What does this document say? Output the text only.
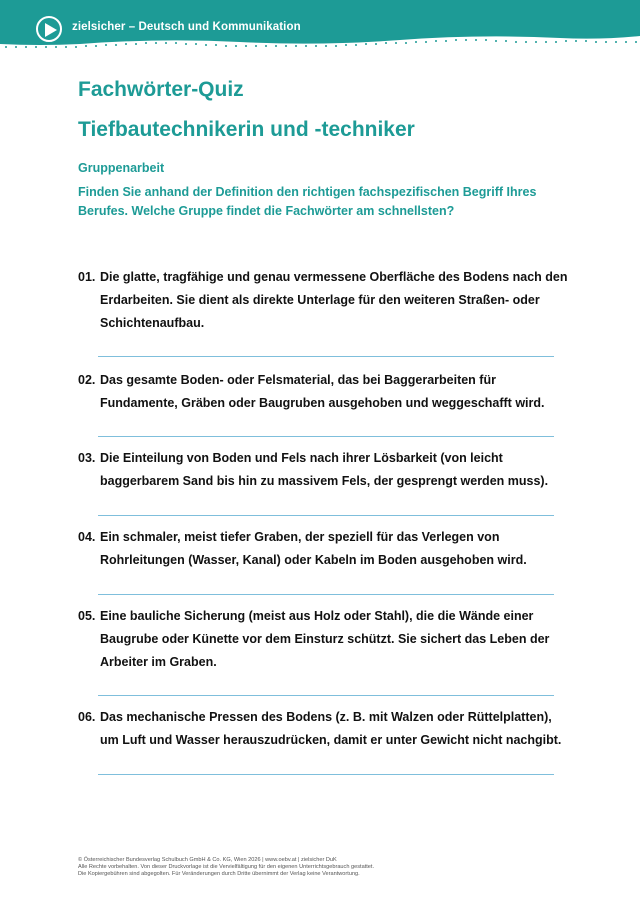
zielsicher – Deutsch und Kommunikation
Fachwörter-Quiz
Tiefbautechnikerin und -techniker
Gruppenarbeit
Finden Sie anhand der Definition den richtigen fachspezifischen Begriff Ihres Berufes. Welche Gruppe findet die Fachwörter am schnellsten?
01. Die glatte, tragfähige und genau vermessene Oberfläche des Bodens nach den Erdarbeiten. Sie dient als direkte Unterlage für den weiteren Straßen- oder Schichtenaufbau.
02. Das gesamte Boden- oder Felsmaterial, das bei Baggerarbeiten für Fundamente, Gräben oder Baugruben ausgehoben und weggeschafft wird.
03. Die Einteilung von Boden und Fels nach ihrer Lösbarkeit (von leicht baggerbarem Sand bis hin zu massivem Fels, der gesprengt werden muss).
04. Ein schmaler, meist tiefer Graben, der speziell für das Verlegen von Rohrleitungen (Wasser, Kanal) oder Kabeln im Boden ausgehoben wird.
05. Eine bauliche Sicherung (meist aus Holz oder Stahl), die die Wände einer Baugrube oder Künette vor dem Einsturz schützt. Sie sichert das Leben der Arbeiter im Graben.
06. Das mechanische Pressen des Bodens (z. B. mit Walzen oder Rüttelplatten), um Luft und Wasser herauszudrücken, damit er unter Gewicht nicht nachgibt.
© Österreichischer Bundesverlag Schulbuch GmbH & Co. KG, Wien 2026 | www.oebv.at | zielsicher DuK
Alle Rechte vorbehalten. Von dieser Druckvorlage ist die Vervielfältigung für den eigenen Unterrichtsgebrauch gestattet.
Die Kopiergebühren sind abgegolten. Für Veränderungen durch Dritte übernimmt der Verlag keine Verantwortung.
